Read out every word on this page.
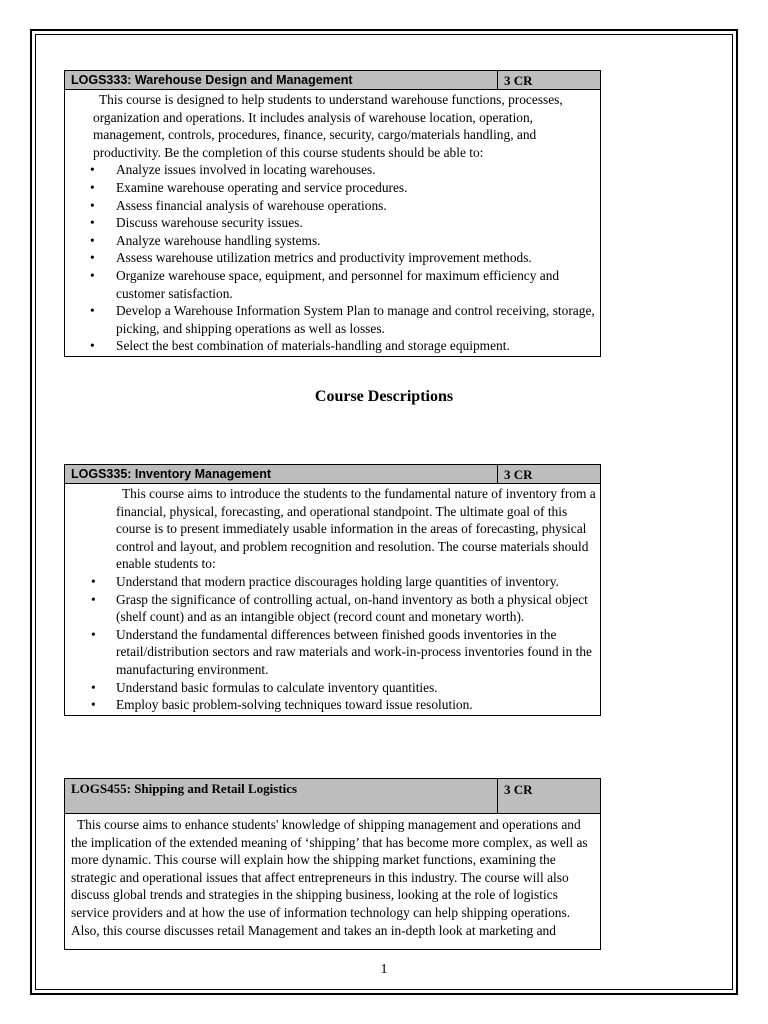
LOGS333: Warehouse Design and Management	3 CR

This course is designed to help students to understand warehouse functions, processes, organization and operations. It includes analysis of warehouse location, operation, management, controls, procedures, finance, security, cargo/materials handling, and productivity. Be the completion of this course students should be able to:

• Analyze issues involved in locating warehouses.
• Examine warehouse operating and service procedures.
• Assess financial analysis of warehouse operations.
• Discuss warehouse security issues.
• Analyze warehouse handling systems.
• Assess warehouse utilization metrics and productivity improvement methods.
• Organize warehouse space, equipment, and personnel for maximum efficiency and customer satisfaction.
• Develop a Warehouse Information System Plan to manage and control receiving, storage, picking, and shipping operations as well as losses.
• Select the best combination of materials-handling and storage equipment.
Course Descriptions
LOGS335: Inventory Management	3 CR

This course aims to introduce the students to the fundamental nature of inventory from a financial, physical, forecasting, and operational standpoint. The ultimate goal of this course is to present immediately usable information in the areas of forecasting, physical control and layout, and problem recognition and resolution. The course materials should enable students to:

• Understand that modern practice discourages holding large quantities of inventory.
• Grasp the significance of controlling actual, on-hand inventory as both a physical object (shelf count) and as an intangible object (record count and monetary worth).
• Understand the fundamental differences between finished goods inventories in the retail/distribution sectors and raw materials and work-in-process inventories found in the manufacturing environment.
• Understand basic formulas to calculate inventory quantities.
• Employ basic problem-solving techniques toward issue resolution.
LOGS455: Shipping and Retail Logistics	3 CR

This course aims to enhance students' knowledge of shipping management and operations and the implication of the extended meaning of ‘shipping’ that has become more complex, as well as more dynamic. This course will explain how the shipping market functions, examining the strategic and operational issues that affect entrepreneurs in this industry. The course will also discuss global trends and strategies in the shipping business, looking at the role of logistics service providers and at how the use of information technology can help shipping operations. Also, this course discusses retail Management and takes an in-depth look at marketing and

1
